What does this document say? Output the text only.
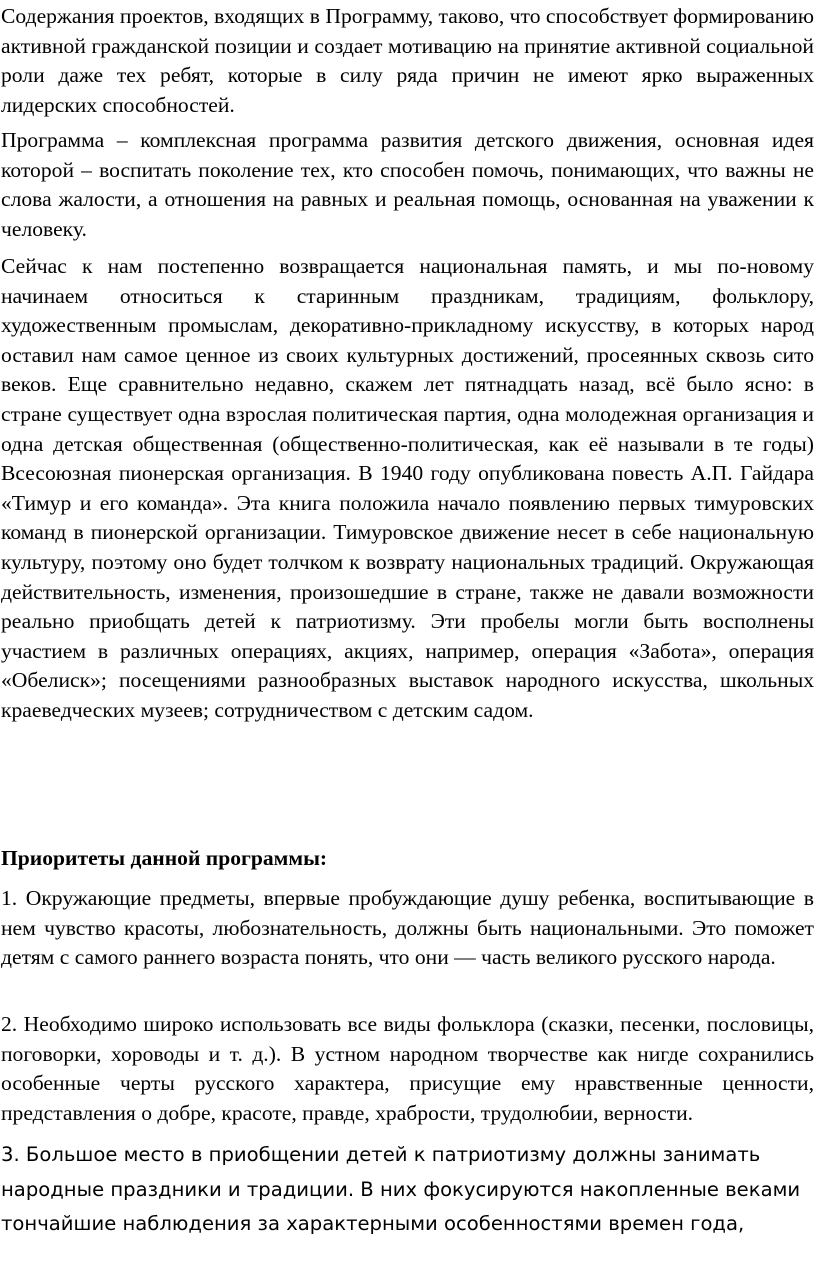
Содержания проектов, входящих в Программу, таково, что способствует формированию активной гражданской позиции и создает мотивацию на принятие активной социальной роли даже тех ребят, которые в силу ряда причин не имеют ярко выраженных лидерских способностей.

Программа – комплексная программа развития детского движения, основная идея которой – воспитать поколение тех, кто способен помочь, понимающих, что важны не слова жалости, а отношения на равных и реальная помощь, основанная на уважении к человеку.

Сейчас к нам постепенно возвращается национальная память, и мы по-новому начинаем относиться к старинным праздникам, традициям, фольклору, художественным промыслам, декоративно-прикладному искусству, в которых народ оставил нам самое ценное из своих культурных достижений, просеянных сквозь сито веков. Еще сравнительно недавно, скажем лет пятнадцать назад, всё было ясно: в стране существует одна взрослая политическая партия, одна молодежная организация и одна детская общественная (общественно-политическая, как её называли в те годы) Всесоюзная пионерская организация. В 1940 году опубликована повесть А.П. Гайдара «Тимур и его команда». Эта книга положила начало появлению первых тимуровских команд в пионерской организации. Тимуровское движение несет в себе национальную культуру, поэтому оно будет толчком к возврату национальных традиций. Окружающая действительность, изменения, произошедшие в стране, также не давали возможности реально приобщать детей к патриотизму. Эти пробелы могли быть восполнены участием в различных операциях, акциях, например, операция «Забота», операция «Обелиск»; посещениями разнообразных выставок народного искусства, школьных краеведческих музеев; сотрудничеством с детским садом.

Приоритеты данной программы:

1. Окружающие предметы, впервые пробуждающие душу ребенка, воспитывающие в нем чувство красоты, любознательность, должны быть национальными. Это поможет детям с самого раннего возраста понять, что они — часть великого русского народа.

2. Необходимо широко использовать все виды фольклора (сказки, песенки, пословицы, поговорки, хороводы и т. д.). В устном народном творчестве как нигде сохранились особенные черты русского характера, присущие ему нравственные ценности, представления о добре, красоте, правде, храбрости, трудолюбии, верности.

3. Большое место в приобщении детей к патриотизму должны занимать народные праздники и традиции. В них фокусируются накопленные веками тончайшие наблюдения за характерными особенностями времен года,
